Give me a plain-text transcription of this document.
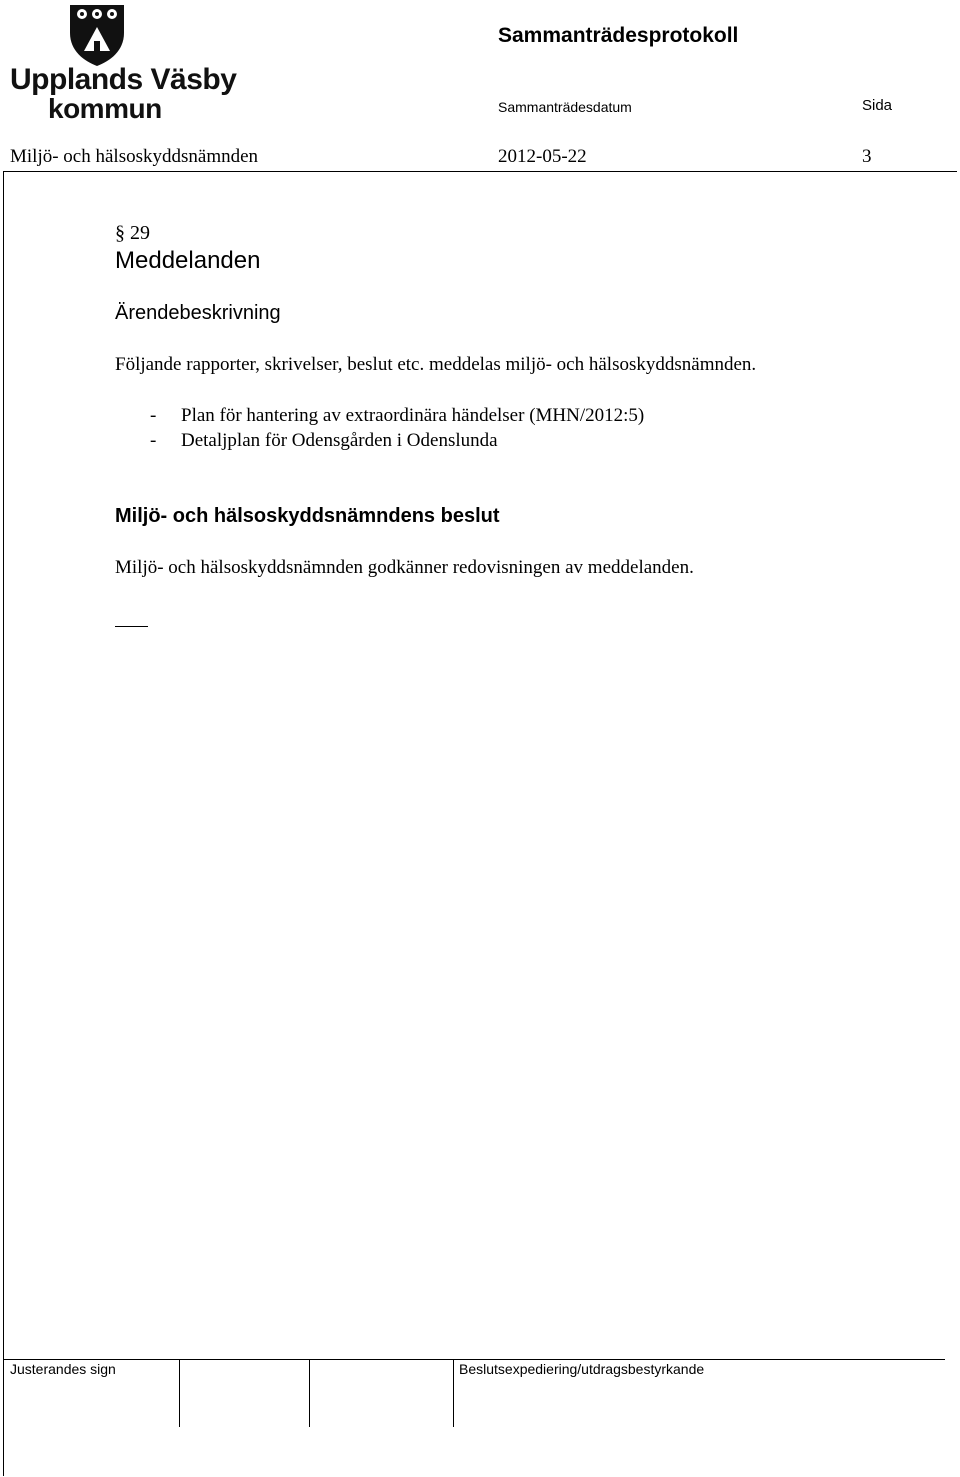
Upplands Väsby
kommun
Sammanträdesprotokoll
Sammanträdesdatum	Sida
Miljö- och hälsoskyddsnämnden	2012-05-22	3
§ 29
Meddelanden
Ärendebeskrivning
Följande rapporter, skrivelser, beslut etc. meddelas miljö- och hälsoskyddsnämnden.
- Plan för hantering av extraordinära händelser (MHN/2012:5)
- Detaljplan för Odensgården i Odenslunda
Miljö- och hälsoskyddsnämndens beslut
Miljö- och hälsoskyddsnämnden godkänner redovisningen av meddelanden.
Justerandes sign	Beslutsexpediering/utdragsbestyrkande
